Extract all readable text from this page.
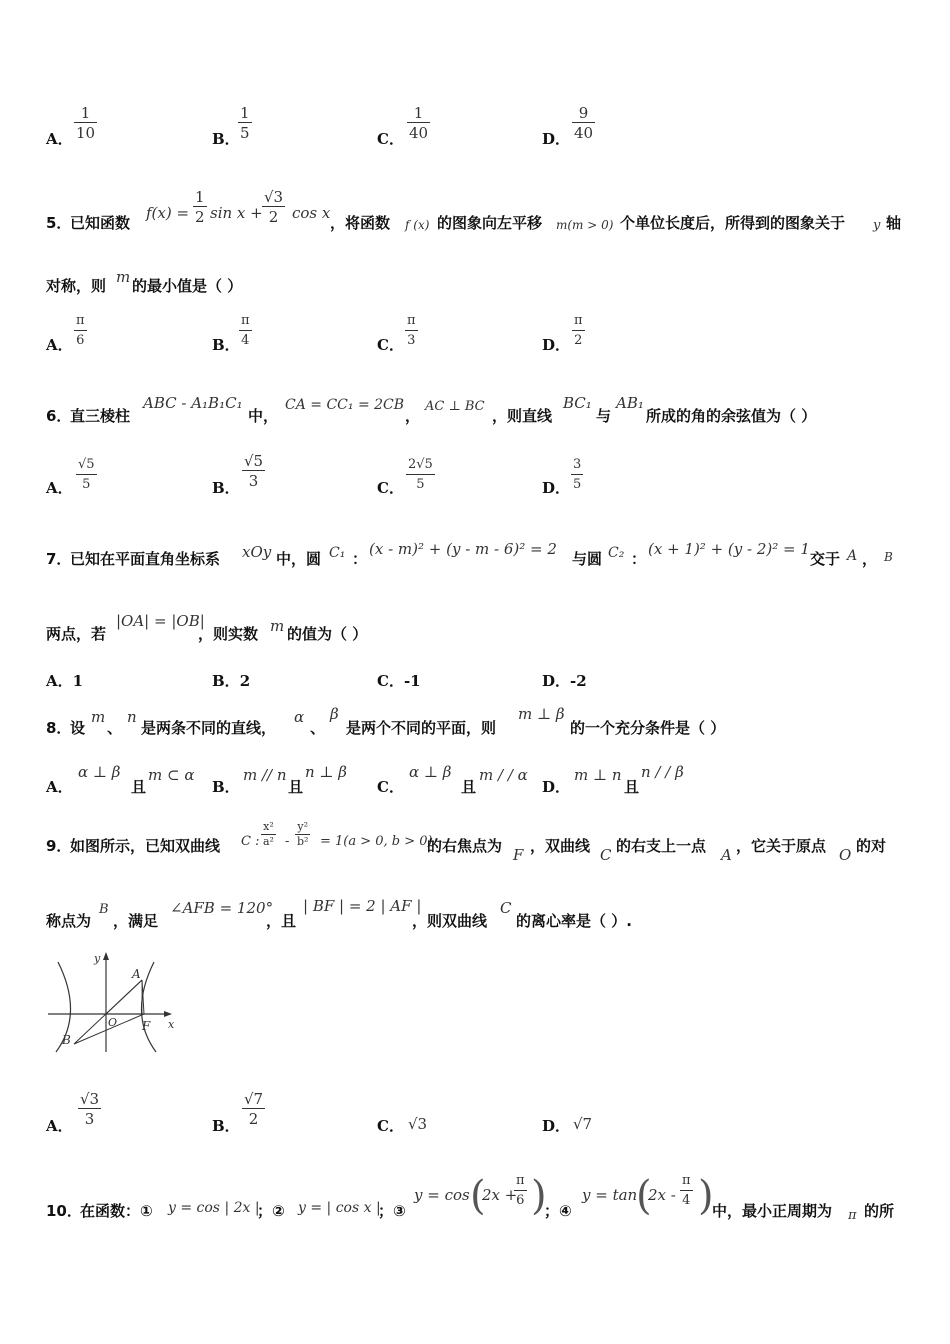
A． $\frac{1}{10}$	B．
$\frac{1}{5}$	C． $\frac{1}{40}$	D． $\frac{9}{40}$
5．
已知函数
$f(x) = \frac{1}{2}$ $\sin x + \frac{√3}{2}$ cos x
，将函数 f (x) 的图象向左平移 m(m > 0) 个单位长度后，所得到的图象关于 y 轴
对称，则 m 的最小值是（ ）
A． $\frac{\pi}{6}$	B． $\frac{\pi}{4}$	C． $\frac{\pi}{3}$	D． $\frac{\pi}{2}$
6．
直三棱柱
ABC - A₁B₁C₁
中，
CA = CC₁ = 2CB
，
AC ⊥ BC
，则直线
BC₁
与
AB₁
所成的角的余弦值为（ ）
A． $\frac{√5}{5}$	B． $\frac{√5}{3}$	C． $\frac{2√5}{5}$	D． $\frac{3}{5}$
7．
已知在平面直角坐标系 xOy 中，圆 C₁ ：
(x - m)² + (y - m - 6)² = 2
与圆 C₂ ：
(x + 1)² + (y - 2)² = 1
交于 A ， B
两点，若
|OA| = |OB|
，则实数 m 的值为（ ）
A．1	B．2	C．-1	D．-2
8．
设
m
、
n
是两条不同的直线，
α
、
β
是两个不同的平面，则
m ⊥ β
的一个充分条件是（ ）
A．
α ⊥ β
且
m ⊂ α
B．
m // n
且
n ⊥ β
C．
α ⊥ β
且
m / / α
D．
m ⊥ n
且
n / / β
9．
如图所示，已知双曲线 C : $\frac{\text{x²}}{\text{a²}} - \frac{\text{y²}}{\text{b²}} = 1(a > 0$, b > 0)
的右焦点为 F ，双曲线 C 的右支上一点 A ，它关于原点 O 的对
称点为
B
，满足
∠AFB = 120°
，且
| BF | = 2 | AF |
，则双曲线
C
的离心率是（ ）.
y
x
A
B
O F
A． $\frac{√3}{3}$	B． $\frac{√7}{2}$	C． √3	D． √7
10．
在函数：① y = cos | 2x |
；② y = | cos x |
；③
y = cos (
2x +
$\frac{\pi}{6}$ )
；④
y = tan
(
$2x - \frac{\pi}{4}$ )
中，最小正周期为 π 的所
